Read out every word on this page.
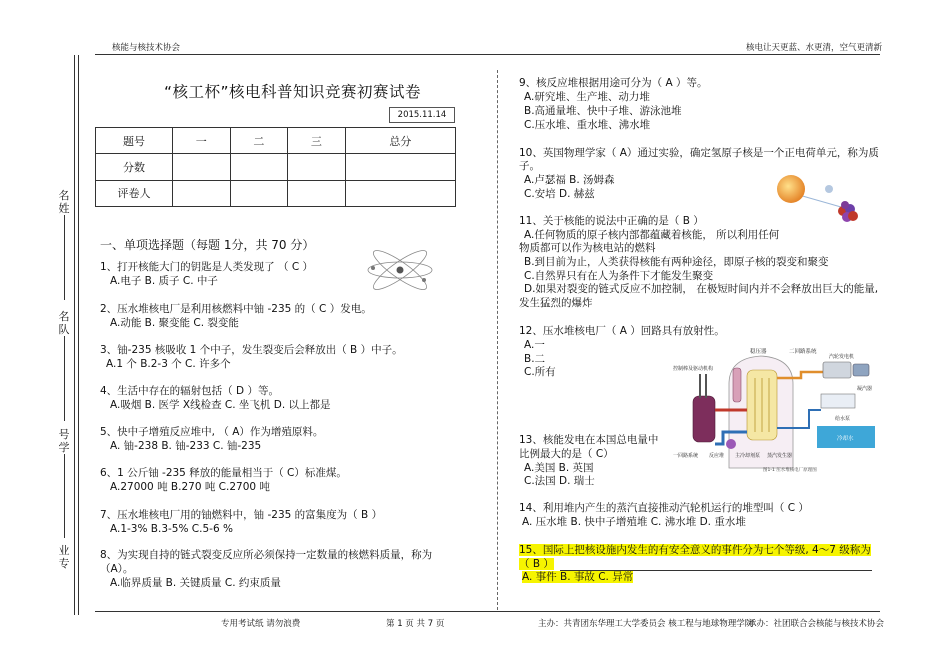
核能与核技术协会	核电让天更蓝、水更清，空气更清新
名
姓
名
队
号
学
业
专
“核工杯”核电科普知识竞赛初赛试卷
2015.11.14
题号	一	二	三	总分
分数				
评卷人				
一、单项选择题（每题 1分，共 70 分）
1、打开核能大门的钥匙是人类发现了 （ C ）
A.电子 B. 质子 C. 中子
2、压水堆核电厂是利用核燃料中铀 -235 的（ C ）发电。
A.动能 B. 聚变能 C. 裂变能
3、铀-235 核吸收 1 个中子，发生裂变后会释放出（ B ）中子。
A.1 个 B.2-3 个 C. 许多个
4、生活中存在的辐射包括（ D ）等。
A.吸烟 B. 医学 X线检查 C. 坐飞机 D. 以上都是
5、快中子增殖反应堆中, （ A）作为增殖原料。
A. 铀-238 B. 铀-233 C. 铀-235
6、1 公斤铀 -235 释放的能量相当于（ C）标准煤。
A.27000 吨 B.270 吨 C.2700 吨
7、压水堆核电厂用的铀燃料中，铀 -235 的富集度为（ B ）
A.1-3% B.3-5% C.5-6 %
8、为实现自持的链式裂变反应所必须保持一定数量的核燃料质量，称为
（A）。
A.临界质量 B. 关键质量 C. 约束质量
9、核反应堆根据用途可分为（ A ）等。
A.研究堆、生产堆、动力堆
B.高通量堆、快中子堆、游泳池堆
C.压水堆、重水堆、沸水堆
10、英国物理学家（ A）通过实验，确定氢原子核是一个正电荷单元，称为质
子。
A.卢瑟福 B. 汤姆森
C.安培 D. 赫兹
11、关于核能的说法中正确的是（ B ）
A.任何物质的原子核内部都蕴藏着核能， 所以利用任何
物质都可以作为核电站的燃料
B.到目前为止，人类获得核能有两种途径，即原子核的裂变和聚变
C.自然界只有在人为条件下才能发生聚变
D.如果对裂变的链式反应不加控制， 在极短时间内并不会释放出巨大的能量,
发生猛烈的爆炸
12、压水堆核电厂（ A ）回路具有放射性。
A.一
B.二
C.所有
稳压器	二回路系统
控制棒及驱动机构
汽轮发电机
凝汽器
给水泵
冷却水
一回路系统 反应堆 主冷却剂泵 蒸汽发生器
图1-1 压水堆核电厂原理图
13、核能发电在本国总电量中
比例最大的是（ C）
A.美国 B. 英国
C.法国 D. 瑞士
14、利用堆内产生的蒸汽直接推动汽轮机运行的堆型叫（ C ）
A. 压水堆 B. 快中子增殖堆 C. 沸水堆 D. 重水堆
15、国际上把核设施内发生的有安全意义的事件分为七个等级, 4～7 级称为
（ B ）
A. 事件 B. 事故 C. 异常
专用考试纸 请勿浪费	第 1 页 共 7 页	主办：共青团东华理工大学委员会 核工程与地球物理学院
承办：社团联合会核能与核技术协会
